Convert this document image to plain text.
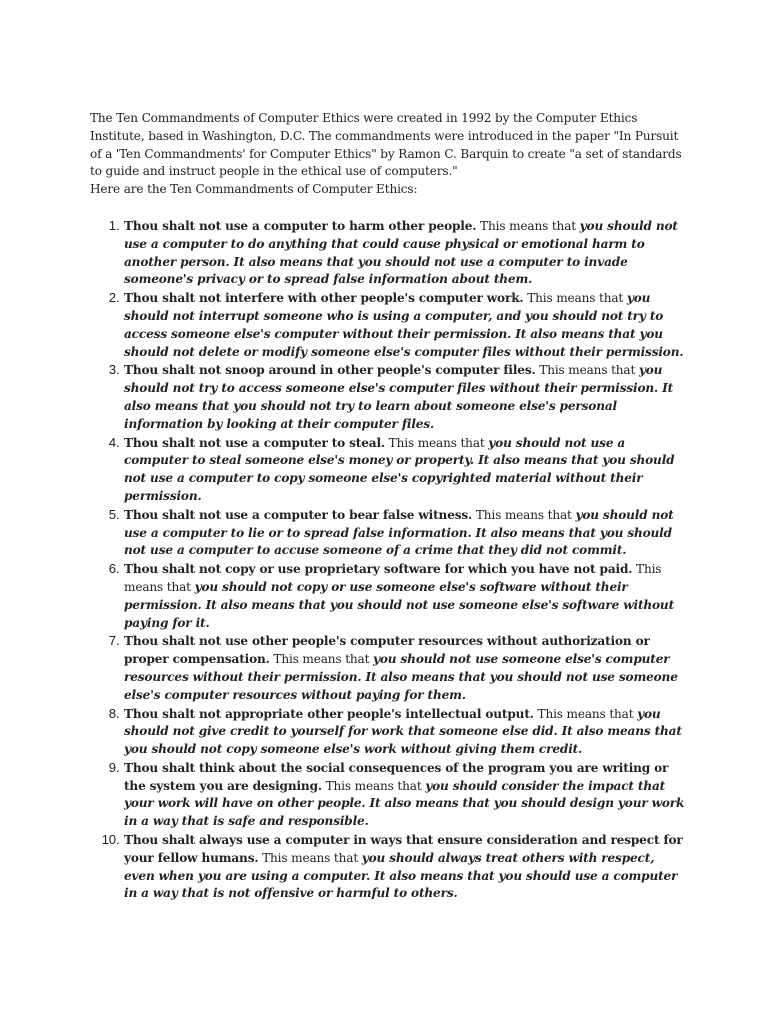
The Ten Commandments of Computer Ethics were created in 1992 by the Computer Ethics Institute, based in Washington, D.C. The commandments were introduced in the paper "In Pursuit of a 'Ten Commandments' for Computer Ethics" by Ramon C. Barquin to create "a set of standards to guide and instruct people in the ethical use of computers."

Here are the Ten Commandments of Computer Ethics:

1. Thou shalt not use a computer to harm other people. This means that you should not use a computer to do anything that could cause physical or emotional harm to another person. It also means that you should not use a computer to invade someone's privacy or to spread false information about them.
2. Thou shalt not interfere with other people's computer work. This means that you should not interrupt someone who is using a computer, and you should not try to access someone else's computer without their permission. It also means that you should not delete or modify someone else's computer files without their permission.
3. Thou shalt not snoop around in other people's computer files. This means that you should not try to access someone else's computer files without their permission. It also means that you should not try to learn about someone else's personal information by looking at their computer files.
4. Thou shalt not use a computer to steal. This means that you should not use a computer to steal someone else's money or property. It also means that you should not use a computer to copy someone else's copyrighted material without their permission.
5. Thou shalt not use a computer to bear false witness. This means that you should not use a computer to lie or to spread false information. It also means that you should not use a computer to accuse someone of a crime that they did not commit.
6. Thou shalt not copy or use proprietary software for which you have not paid. This means that you should not copy or use someone else's software without their permission. It also means that you should not use someone else's software without paying for it.
7. Thou shalt not use other people's computer resources without authorization or proper compensation. This means that you should not use someone else's computer resources without their permission. It also means that you should not use someone else's computer resources without paying for them.
8. Thou shalt not appropriate other people's intellectual output. This means that you should not give credit to yourself for work that someone else did. It also means that you should not copy someone else's work without giving them credit.
9. Thou shalt think about the social consequences of the program you are writing or the system you are designing. This means that you should consider the impact that your work will have on other people. It also means that you should design your work in a way that is safe and responsible.
10. Thou shalt always use a computer in ways that ensure consideration and respect for your fellow humans. This means that you should always treat others with respect, even when you are using a computer. It also means that you should use a computer in a way that is not offensive or harmful to others.
